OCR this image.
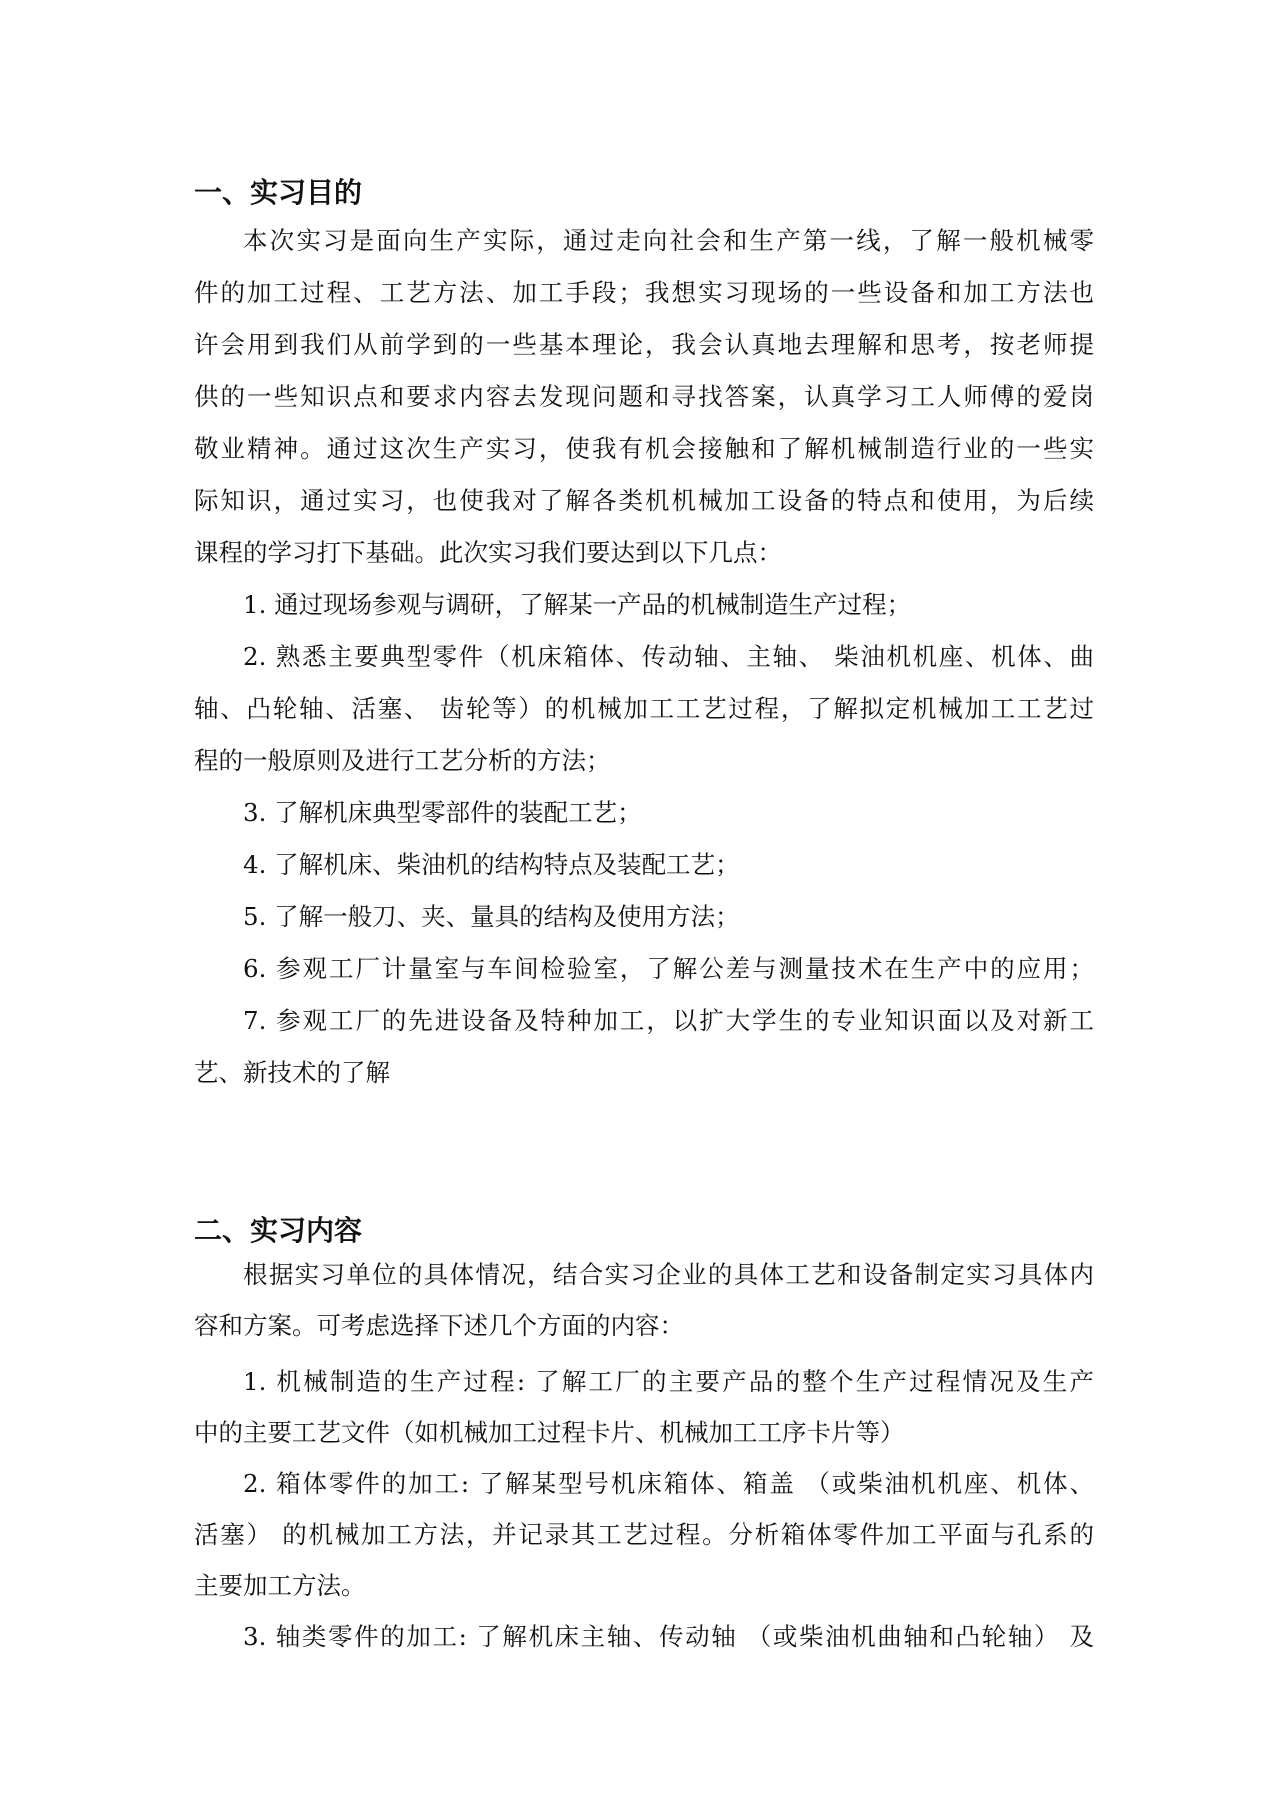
一、实习目的
本次实习是面向生产实际，通过走向社会和生产第一线，了解一般机械零
件的加工过程、工艺方法、加工手段；我想实习现场的一些设备和加工方法也
许会用到我们从前学到的一些基本理论，我会认真地去理解和思考，按老师提
供的一些知识点和要求内容去发现问题和寻找答案，认真学习工人师傅的爱岗
敬业精神。通过这次生产实习，使我有机会接触和了解机械制造行业的一些实
际知识，通过实习，也使我对了解各类机机械加工设备的特点和使用，为后续
课程的学习打下基础。此次实习我们要达到以下几点：
1. 通过现场参观与调研，了解某一产品的机械制造生产过程；
2. 熟悉主要典型零件（机床箱体、传动轴、主轴、 柴油机机座、机体、曲
轴、凸轮轴、活塞、 齿轮等）的机械加工工艺过程，了解拟定机械加工工艺过
程的一般原则及进行工艺分析的方法；
3. 了解机床典型零部件的装配工艺；
4. 了解机床、柴油机的结构特点及装配工艺；
5. 了解一般刀、夹、量具的结构及使用方法；
6. 参观工厂计量室与车间检验室，了解公差与测量技术在生产中的应用；
7. 参观工厂的先进设备及特种加工，以扩大学生的专业知识面以及对新工
艺、新技术的了解
二、实习内容
根据实习单位的具体情况，结合实习企业的具体工艺和设备制定实习具体内
容和方案。可考虑选择下述几个方面的内容：
1. 机械制造的生产过程: 了解工厂的主要产品的整个生产过程情况及生产
中的主要工艺文件（如机械加工过程卡片、机械加工工序卡片等）
2. 箱体零件的加工: 了解某型号机床箱体、箱盖 （或柴油机机座、机体、
活塞） 的机械加工方法，并记录其工艺过程。分析箱体零件加工平面与孔系的
主要加工方法。
3. 轴类零件的加工: 了解机床主轴、传动轴 （或柴油机曲轴和凸轮轴） 及
